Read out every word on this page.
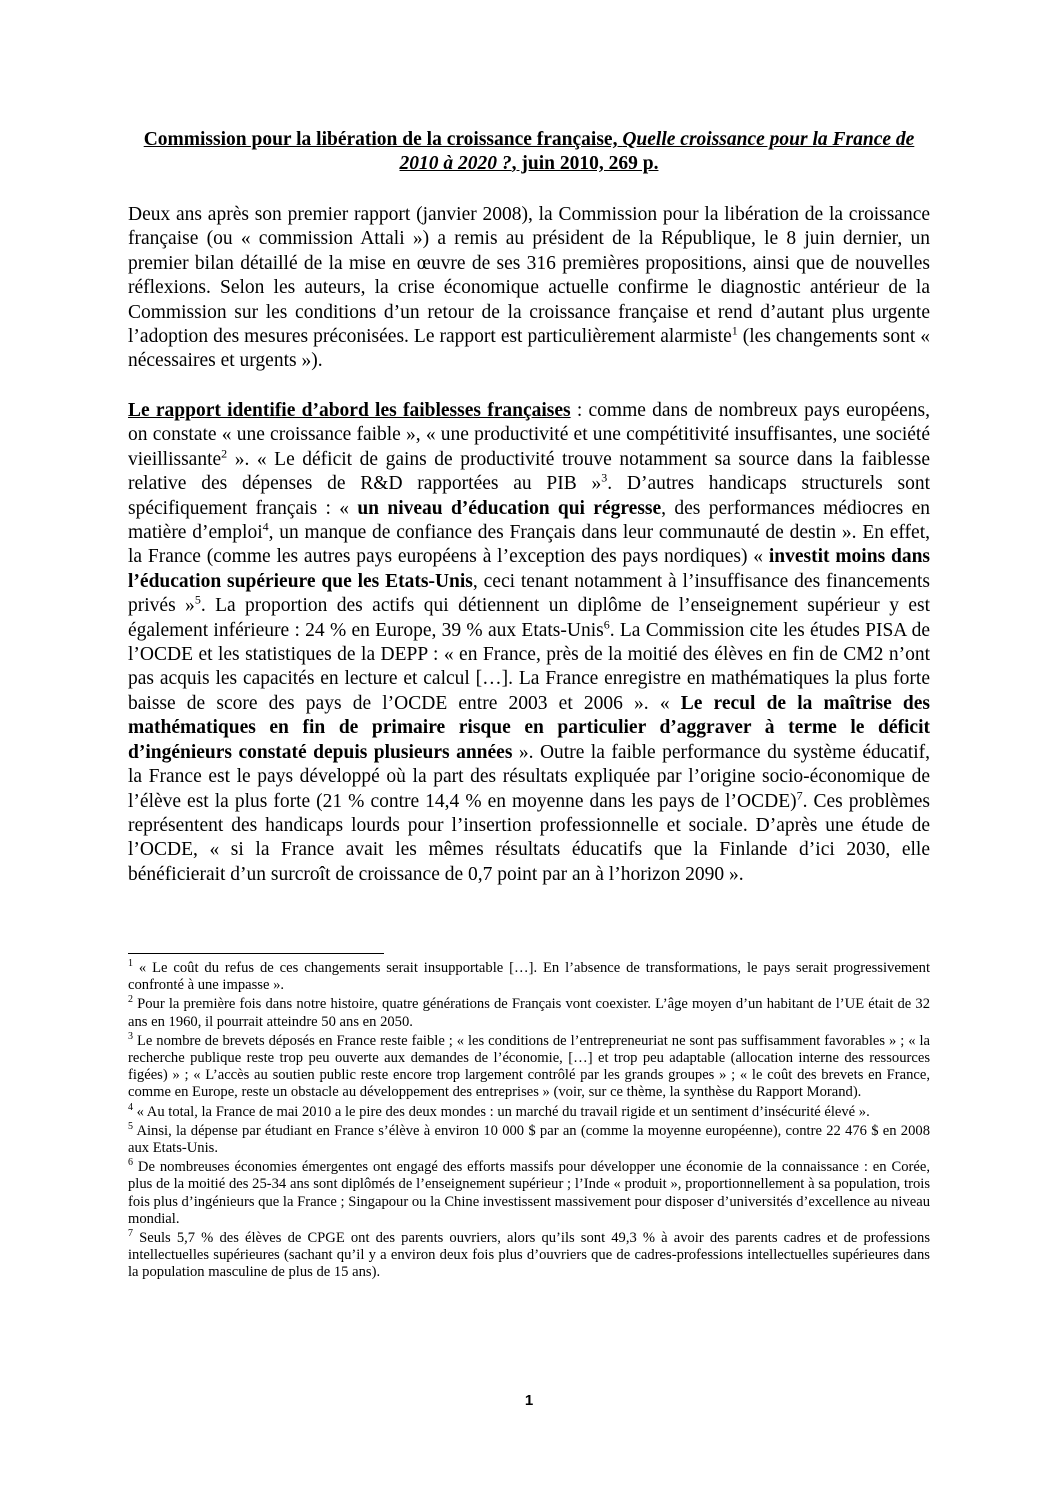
Commission pour la libération de la croissance française, Quelle croissance pour la France de 2010 à 2020 ?, juin 2010, 269 p.

Deux ans après son premier rapport (janvier 2008), la Commission pour la libération de la croissance française (ou « commission Attali ») a remis au président de la République, le 8 juin dernier, un premier bilan détaillé de la mise en œuvre de ses 316 premières propositions, ainsi que de nouvelles réflexions. Selon les auteurs, la crise économique actuelle confirme le diagnostic antérieur de la Commission sur les conditions d’un retour de la croissance française et rend d’autant plus urgente l’adoption des mesures préconisées. Le rapport est particulièrement alarmiste$^1$ (les changements sont « nécessaires et urgents »).

Le rapport identifie d’abord les faiblesses françaises : comme dans de nombreux pays européens, on constate « une croissance faible », « une productivité et une compétitivité insuffisantes, une société vieillissante$^2$ ». « Le déficit de gains de productivité trouve notamment sa source dans la faiblesse relative des dépenses de R&D rapportées au PIB »$^3$. D’autres handicaps structurels sont spécifiquement français : « un niveau d’éducation qui régresse, des performances médiocres en matière d’emploi$^4$, un manque de confiance des Français dans leur communauté de destin ». En effet, la France (comme les autres pays européens à l’exception des pays nordiques) « investit moins dans l’éducation supérieure que les Etats-Unis, ceci tenant notamment à l’insuffisance des financements privés »$^5$. La proportion des actifs qui détiennent un diplôme de l’enseignement supérieur y est également inférieure : 24 % en Europe, 39 % aux Etats-Unis$^6$. La Commission cite les études PISA de l’OCDE et les statistiques de la DEPP : « en France, près de la moitié des élèves en fin de CM2 n’ont pas acquis les capacités en lecture et calcul […]. La France enregistre en mathématiques la plus forte baisse de score des pays de l’OCDE entre 2003 et 2006 ». « Le recul de la maîtrise des mathématiques en fin de primaire risque en particulier d’aggraver à terme le déficit d’ingénieurs constaté depuis plusieurs années ». Outre la faible performance du système éducatif, la France est le pays développé où la part des résultats expliquée par l’origine socio-économique de l’élève est la plus forte (21 % contre 14,4 % en moyenne dans les pays de l’OCDE)$^7$. Ces problèmes représentent des handicaps lourds pour l’insertion professionnelle et sociale. D’après une étude de l’OCDE, « si la France avait les mêmes résultats éducatifs que la Finlande d’ici 2030, elle bénéficierait d’un surcroît de croissance de 0,7 point par an à l’horizon 2090 ».

$^1$ « Le coût du refus de ces changements serait insupportable […]. En l’absence de transformations, le pays serait progressivement confronté à une impasse ».

$^2$ Pour la première fois dans notre histoire, quatre générations de Français vont coexister. L’âge moyen d’un habitant de l’UE était de 32 ans en 1960, il pourrait atteindre 50 ans en 2050.

$^3$ Le nombre de brevets déposés en France reste faible ; « les conditions de l’entrepreneuriat ne sont pas suffisamment favorables » ; « la recherche publique reste trop peu ouverte aux demandes de l’économie, […] et trop peu adaptable (allocation interne des ressources figées) » ; « L’accès au soutien public reste encore trop largement contrôlé par les grands groupes » ; « le coût des brevets en France, comme en Europe, reste un obstacle au développement des entreprises » (voir, sur ce thème, la synthèse du Rapport Morand).

$^4$ « Au total, la France de mai 2010 a le pire des deux mondes : un marché du travail rigide et un sentiment d’insécurité élevé ».

$^5$ Ainsi, la dépense par étudiant en France s’élève à environ 10 000 $ par an (comme la moyenne européenne), contre 22 476 $ en 2008 aux Etats-Unis.

$^6$ De nombreuses économies émergentes ont engagé des efforts massifs pour développer une économie de la connaissance : en Corée, plus de la moitié des 25-34 ans sont diplômés de l’enseignement supérieur ; l’Inde « produit », proportionnellement à sa population, trois fois plus d’ingénieurs que la France ; Singapour ou la Chine investissent massivement pour disposer d’universités d’excellence au niveau mondial.

$^7$ Seuls 5,7 % des élèves de CPGE ont des parents ouvriers, alors qu’ils sont 49,3 % à avoir des parents cadres et de professions intellectuelles supérieures (sachant qu’il y a environ deux fois plus d’ouvriers que de cadres-professions intellectuelles supérieures dans la population masculine de plus de 15 ans).

1
